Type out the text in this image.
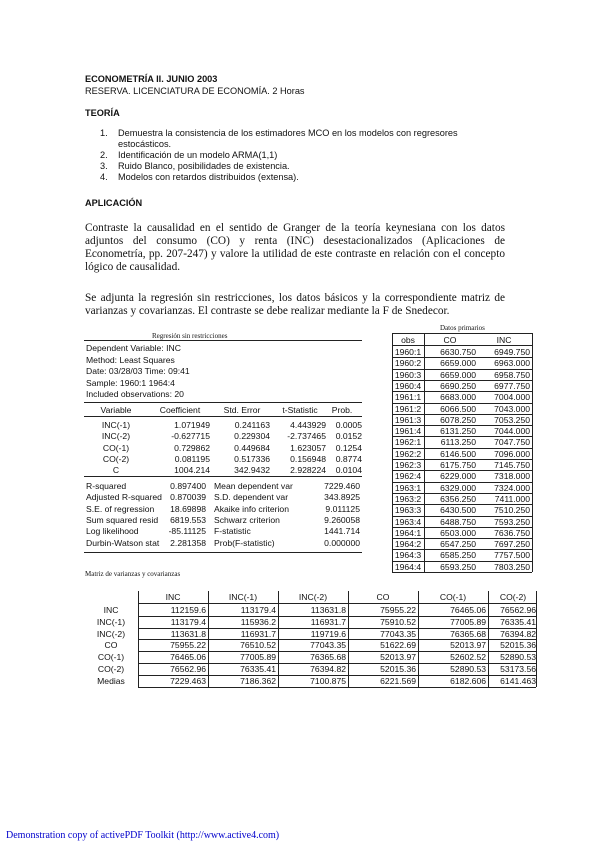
ECONOMETRÍA II. JUNIO 2003
RESERVA. LICENCIATURA DE ECONOMÍA. 2 Horas
TEORÍA
1.	Demuestra la consistencia de los estimadores MCO en los modelos con regresores estocásticos.
2.	Identificación de un modelo ARMA(1,1)
3.	Ruido Blanco, posibilidades de existencia.
4.	Modelos con retardos distribuidos (extensa).
APLICACIÓN
Contraste la causalidad en el sentido de Granger de la teoría keynesiana con los datos adjuntos del consumo (CO) y renta (INC) desestacionalizados (Aplicaciones de Econometría, pp. 207-247) y valore la utilidad de este contraste en relación con el concepto lógico de causalidad.
Se adjunta la regresión sin restricciones, los datos básicos y la correspondiente matriz de varianzas y covarianzas. El contraste se debe realizar mediante la F de Snedecor.
Regresión sin restricciones
Dependent Variable: INC
Method: Least Squares
Date: 03/28/03 Time: 09:41
Sample: 1960:1 1964:4
Included observations: 20
Variable	Coefficient	Std. Error	t-Statistic	Prob.
INC(-1)	1.071949	0.241163	4.443929	0.0005
INC(-2)	-0.627715	0.229304	-2.737465	0.0152
CO(-1)	0.729862	0.449684	1.623057	0.1254
CO(-2)	0.081195	0.517336	0.156948	0.8774
C	1004.214	342.9432	2.928224	0.0104
R-squared	0.897400 Mean dependent var	7229.460
Adjusted R-squared 0.870039 S.D. dependent var	343.8925
S.E. of regression	18.69898 Akaike info criterion	9.011125
Sum squared resid	6819.553 Schwarz criterion	9.260058
Log likelihood	-85.11125 F-statistic	1441.714
Durbin-Watson stat	2.281358 Prob(F-statistic)	0.000000
Datos primarios
obs	CO	INC
1960:1	6630.750	6949.750
1960:2	6659.000	6963.000
1960:3	6659.000	6958.750
1960:4	6690.250	6977.750
1961:1	6683.000	7004.000
1961:2	6066.500	7043.000
1961:3	6078.250	7053.250
1961:4	6131.250	7044.000
1962:1	6113.250	7047.750
1962:2	6146.500	7096.000
1962:3	6175.750	7145.750
1962:4	6229.000	7318.000
1963:1	6329.000	7324.000
1963:2	6356.250	7411.000
1963:3	6430.500	7510.250
1963:4	6488.750	7593.250
1964:1	6503.000	7636.750
1964:2	6547.250	7697.250
1964:3	6585.250	7757.500
1964:4	6593.250	7803.250
Matriz de varianzas y covarianzas
INC	INC(-1)	INC(-2)	CO	CO(-1)	CO(-2)
INC	112159.6	113179.4	113631.8	75955.22	76465.06	76562.96
INC(-1)	113179.4	115936.2	116931.7	75910.52	77005.89	76335.41
INC(-2)	113631.8	116931.7	119719.6	77043.35	76365.68	76394.82
CO	75955.22	76510.52	77043.35	51622.69	52013.97	52015.36
CO(-1)	76465.06	77005.89	76365.68	52013.97	52602.52	52890.53
CO(-2)	76562.96	76335.41	76394.82	52015.36	52890.53	53173.56
Medias	7229.463	7186.362	7100.875	6221.569	6182.606	6141.463
Demonstration copy of activePDF Toolkit (http://www.active4.com)
